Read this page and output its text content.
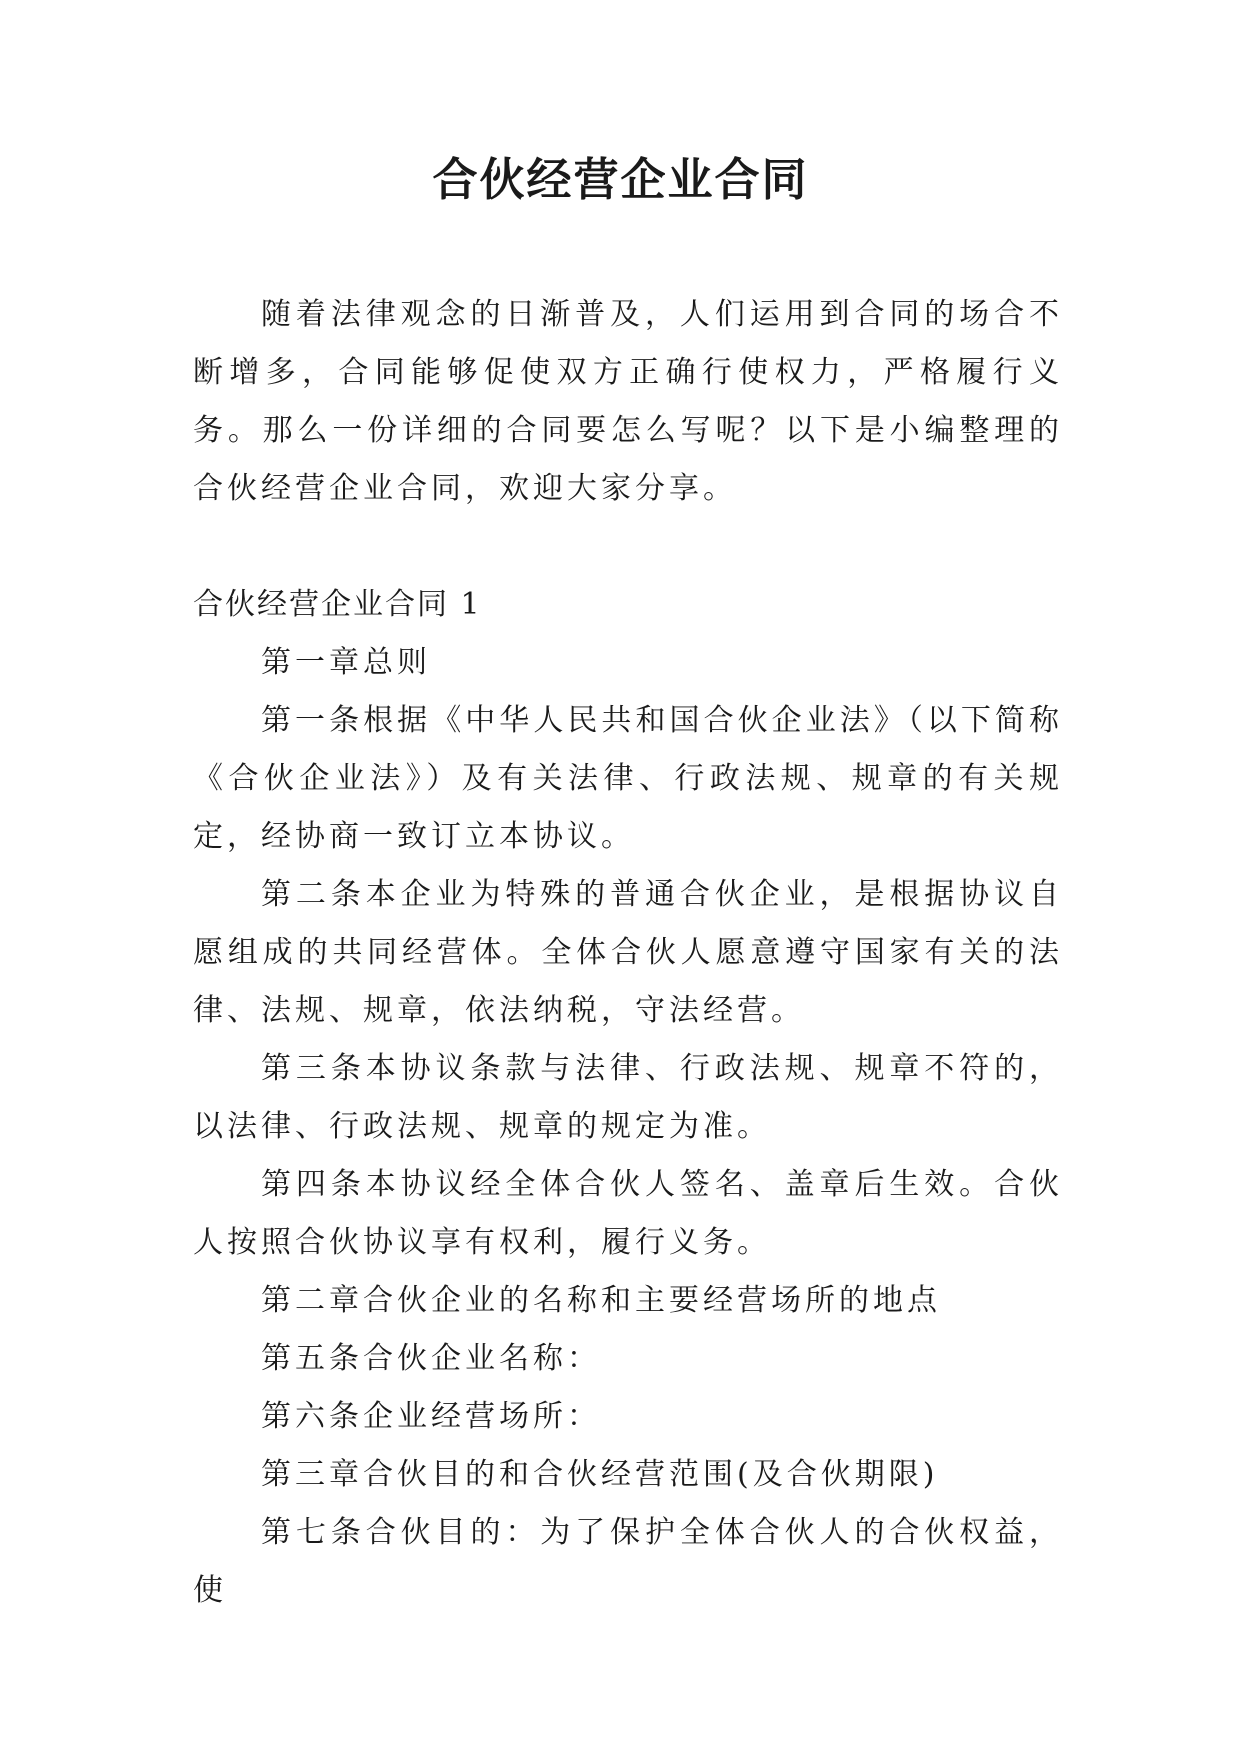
合伙经营企业合同

随着法律观念的日渐普及，人们运用到合同的场合不断增多，合同能够促使双方正确行使权力，严格履行义务。那么一份详细的合同要怎么写呢？以下是小编整理的合伙经营企业合同，欢迎大家分享。

合伙经营企业合同 1

第一章总则

第一条根据《中华人民共和国合伙企业法》（以下简称《合伙企业法》）及有关法律、行政法规、规章的有关规定，经协商一致订立本协议。

第二条本企业为特殊的普通合伙企业，是根据协议自愿组成的共同经营体。全体合伙人愿意遵守国家有关的法律、法规、规章，依法纳税，守法经营。

第三条本协议条款与法律、行政法规、规章不符的，以法律、行政法规、规章的规定为准。

第四条本协议经全体合伙人签名、盖章后生效。合伙人按照合伙协议享有权利，履行义务。

第二章合伙企业的名称和主要经营场所的地点

第五条合伙企业名称：

第六条企业经营场所：

第三章合伙目的和合伙经营范围(及合伙期限)

第七条合伙目的：为了保护全体合伙人的合伙权益，使
